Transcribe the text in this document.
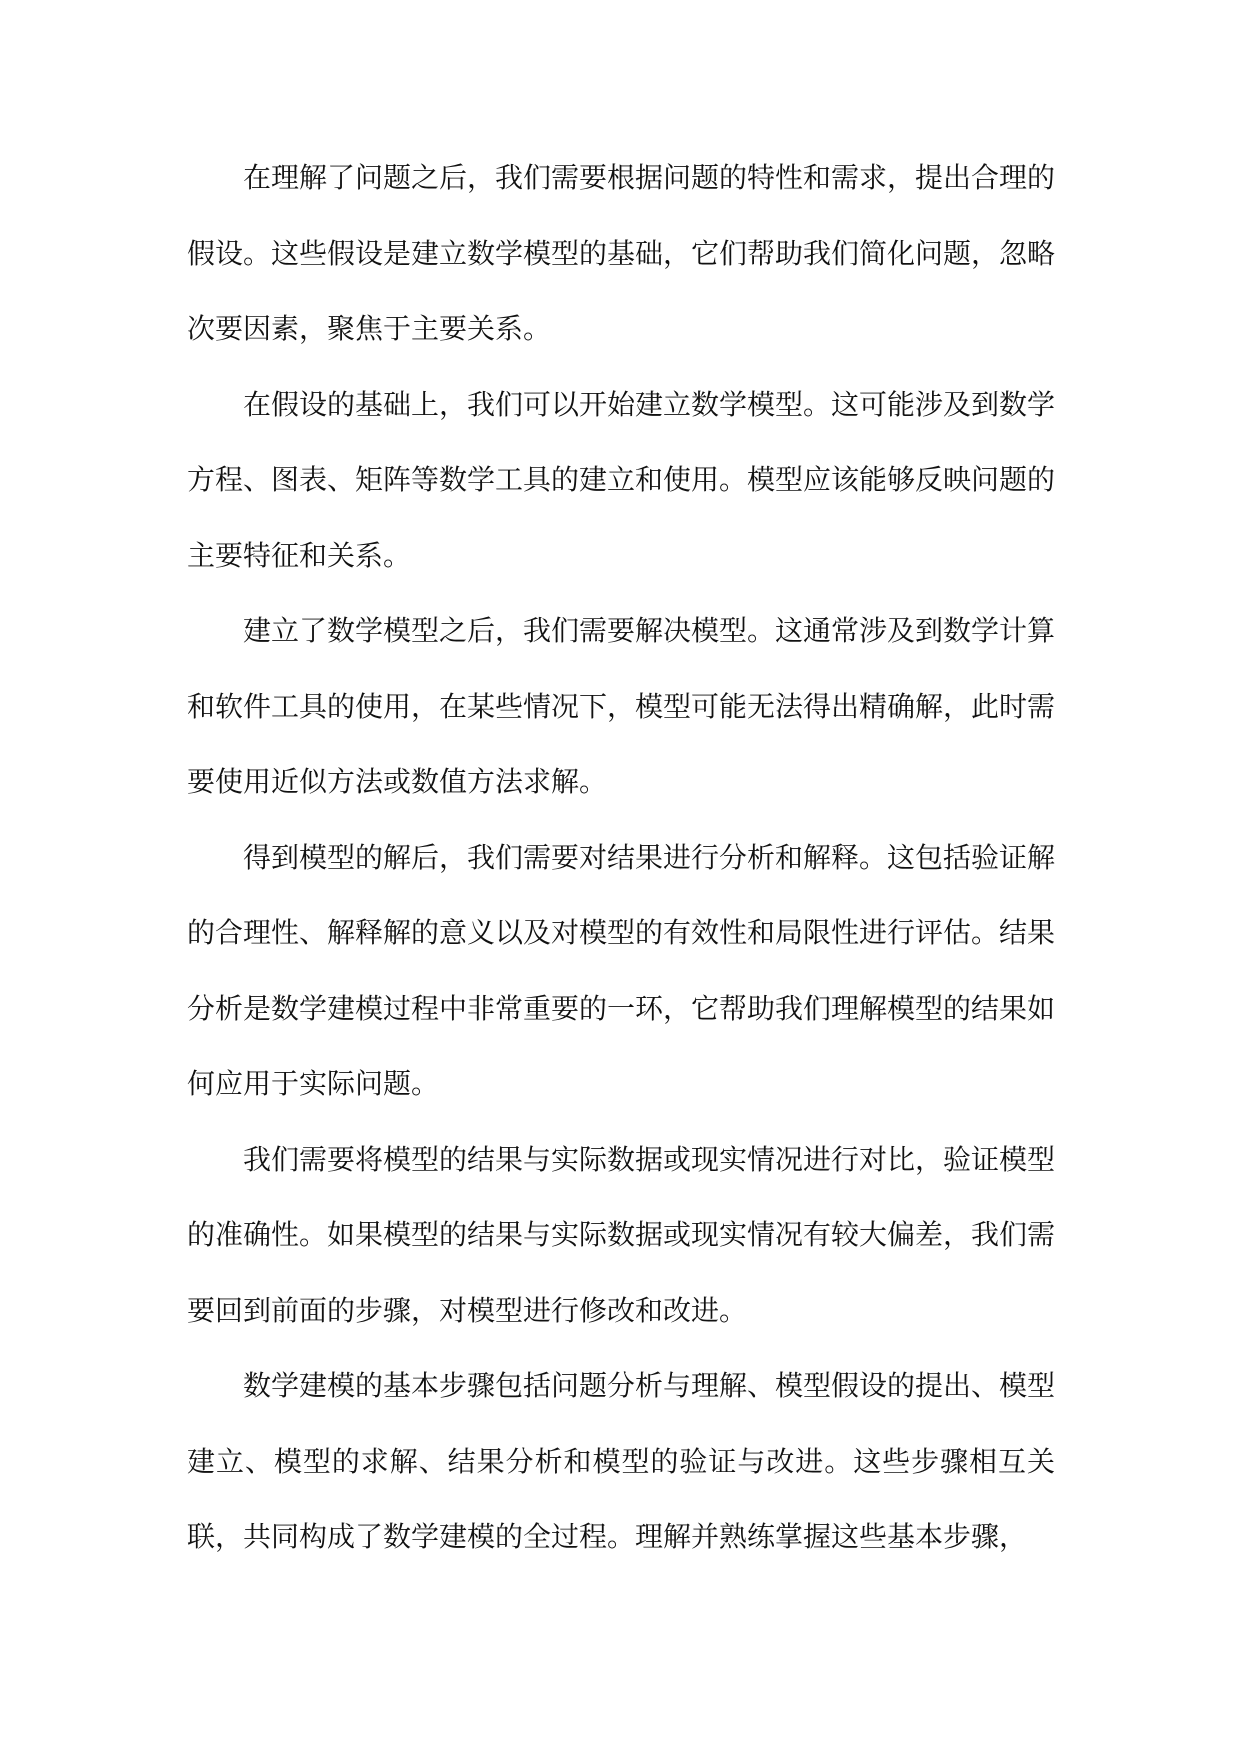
在理解了问题之后，我们需要根据问题的特性和需求，提出合理的假设。这些假设是建立数学模型的基础，它们帮助我们简化问题，忽略次要因素，聚焦于主要关系。

在假设的基础上，我们可以开始建立数学模型。这可能涉及到数学方程、图表、矩阵等数学工具的建立和使用。模型应该能够反映问题的主要特征和关系。

建立了数学模型之后，我们需要解决模型。这通常涉及到数学计算和软件工具的使用，在某些情况下，模型可能无法得出精确解，此时需要使用近似方法或数值方法求解。

得到模型的解后，我们需要对结果进行分析和解释。这包括验证解的合理性、解释解的意义以及对模型的有效性和局限性进行评估。结果分析是数学建模过程中非常重要的一环，它帮助我们理解模型的结果如何应用于实际问题。

我们需要将模型的结果与实际数据或现实情况进行对比，验证模型的准确性。如果模型的结果与实际数据或现实情况有较大偏差，我们需要回到前面的步骤，对模型进行修改和改进。

数学建模的基本步骤包括问题分析与理解、模型假设的提出、模型建立、模型的求解、结果分析和模型的验证与改进。这些步骤相互关联，共同构成了数学建模的全过程。理解并熟练掌握这些基本步骤，
